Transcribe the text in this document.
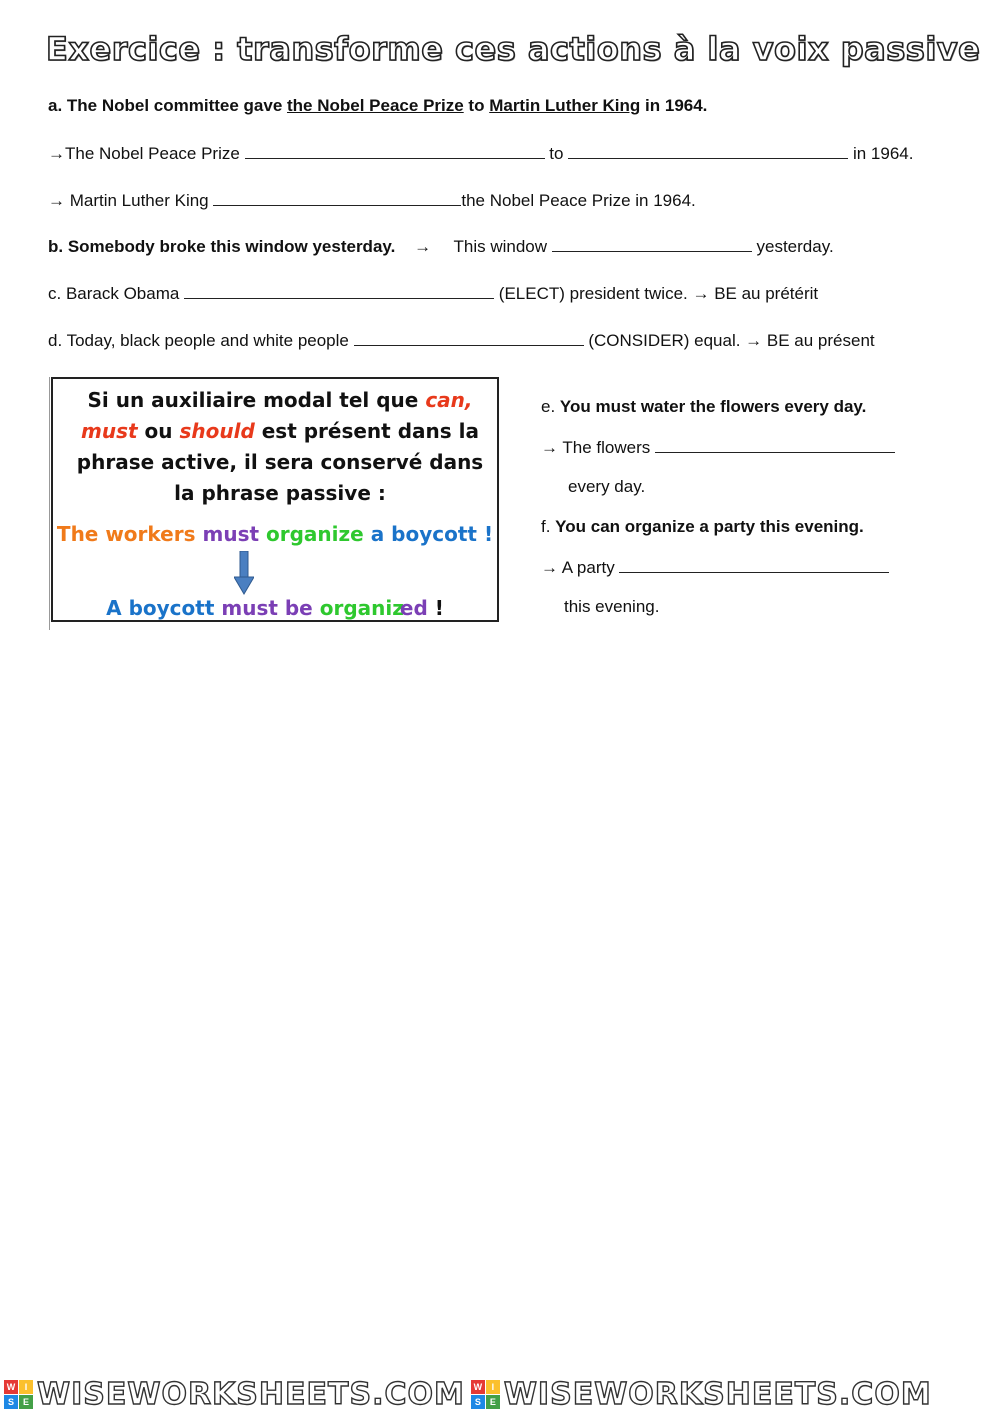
Exercice : transforme ces actions à la voix passive
a. The Nobel committee gave the Nobel Peace Prize to Martin Luther King in 1964.
→The Nobel Peace Prize	to	in 1964.
→ Martin Luther King	the Nobel Peace Prize in 1964.
b. Somebody broke this window yesterday. → This window	yesterday.
c. Barack Obama	(ELECT) president twice. → BE au prétérit
d. Today, black people and white people	(CONSIDER) equal. → BE au présent
Si un auxiliaire modal tel que can,
must ou should est présent dans la
phrase active, il sera conservé dans
la phrase passive :
The workers must organize a boycott !
A boycott must be organized !
e. You must water the flowers every day.
→ The flowers
every day.
f. You can organize a party this evening.
→ A party
this evening.
W	I
S E WISEWORKSHEETS.COM W	I
S E WISEWORKSHEETS.COM
